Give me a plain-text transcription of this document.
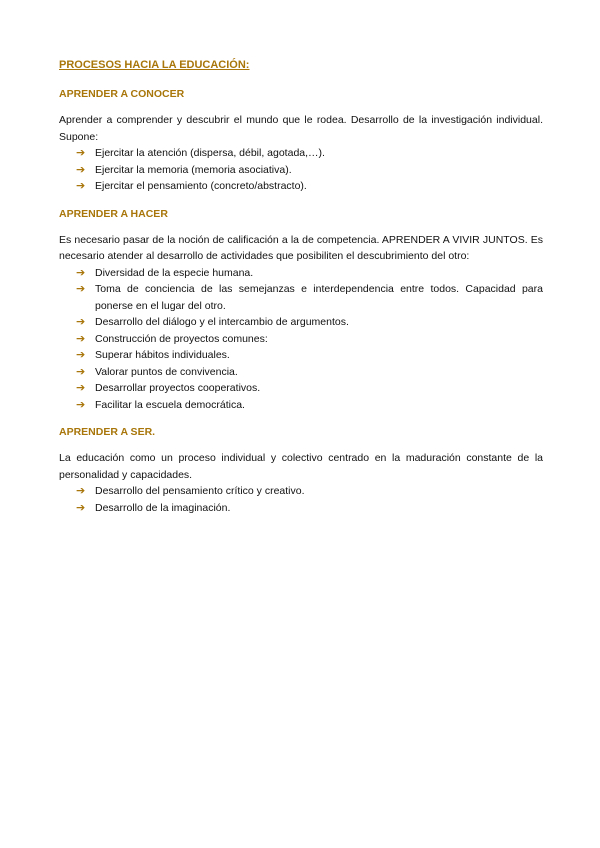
PROCESOS HACIA LA EDUCACIÓN:
APRENDER A CONOCER

Aprender a comprender y descubrir el mundo que le rodea. Desarrollo de la investigación individual. Supone:

➔ Ejercitar la atención (dispersa, débil, agotada,…).
➔ Ejercitar la memoria (memoria asociativa).
➔ Ejercitar el pensamiento (concreto/abstracto).
APRENDER A HACER

Es necesario pasar de la noción de calificación a la de competencia. APRENDER A VIVIR JUNTOS. Es necesario atender al desarrollo de actividades que posibiliten el descubrimiento del otro:

➔ Diversidad de la especie humana.
➔ Toma de conciencia de las semejanzas e interdependencia entre todos. Capacidad para ponerse en el lugar del otro.
➔ Desarrollo del diálogo y el intercambio de argumentos.
➔ Construcción de proyectos comunes:
➔ Superar hábitos individuales.
➔ Valorar puntos de convivencia.
➔ Desarrollar proyectos cooperativos.
➔ Facilitar la escuela democrática.
APRENDER A SER.

La educación como un proceso individual y colectivo centrado en la maduración constante de la personalidad y capacidades.

➔ Desarrollo del pensamiento crítico y creativo.
➔ Desarrollo de la imaginación.
